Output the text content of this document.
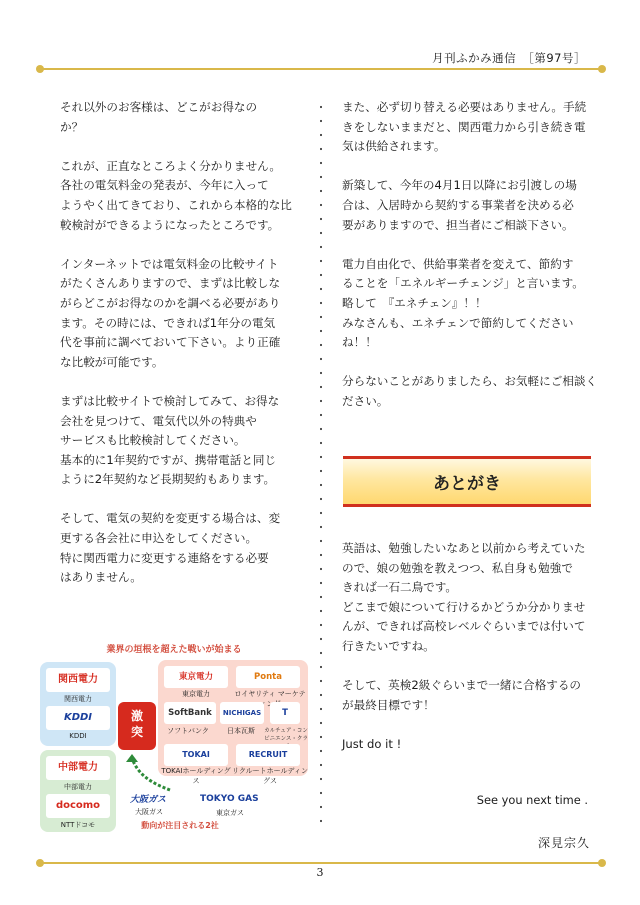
月刊ふかみ通信　［第97号］

それ以外のお客様は、どこがお得なの
か？

これが、正直なところよく分かりません。
各社の電気料金の発表が、今年に入って
ようやく出てきており、これから本格的な比
較検討ができるようになったところです。

インターネットでは電気料金の比較サイト
がたくさんありますので、まずは比較しな
がらどこがお得なのかを調べる必要があり
ます。その時には、できれば1年分の電気
代を事前に調べておいて下さい。より正確
な比較が可能です。

まずは比較サイトで検討してみて、お得な
会社を見つけて、電気代以外の特典や
サービスも比較検討してください。
基本的に1年契約ですが、携帯電話と同じ
ように2年契約など長期契約もあります。

そして、電気の契約を変更する場合は、変
更する各会社に申込をしてください。
特に関西電力に変更する連絡をする必要
はありません。

また、必ず切り替える必要はありません。手続
きをしないままだと、関西電力から引き続き電
気は供給されます。

新築して、今年の4月1日以降にお引渡しの場
合は、入居時から契約する事業者を決める必
要がありますので、担当者にご相談下さい。

電力自由化で、供給事業者を変えて、節約す
ることを「エネルギーチェンジ」と言います。
略して　『エネチェン』！！
みなさんも、エネチェンで節約してください
ね！！

分らないことがありましたら、お気軽にご相談く
ださい。

英語は、勉強したいなあと以前から考えていた
ので、娘の勉強を教えつつ、私自身も勉強で
きれば一石二鳥です。
どこまで娘について行けるかどうか分かりませ
んが、できれば高校レベルぐらいまでは付いて
行きたいですね。

そして、英検2級ぐらいまで一緒に合格するの
が最終目標です！

Just do it !

あとがき
See you next time .
深見宗久
業界の垣根を超えた戦いが始まる
関西電力
関西電力
KDDI
KDDI
中部電力
中部電力
docomo
NTTドコモ
激
突
東京電力	Ponta
東京電力	ロイヤリティ マーケテ
SoftBank	NICHIGAS	T
ソフトバンク	日本瓦斯	カルチュア・コンビニエンス・クラ
TOKAI	RECRUIT
TOKAIホールディングス
リクルートホールディングス
大阪ガス
大阪ガス
TOKYO GAS
東京ガス
動向が注目される2社
3
